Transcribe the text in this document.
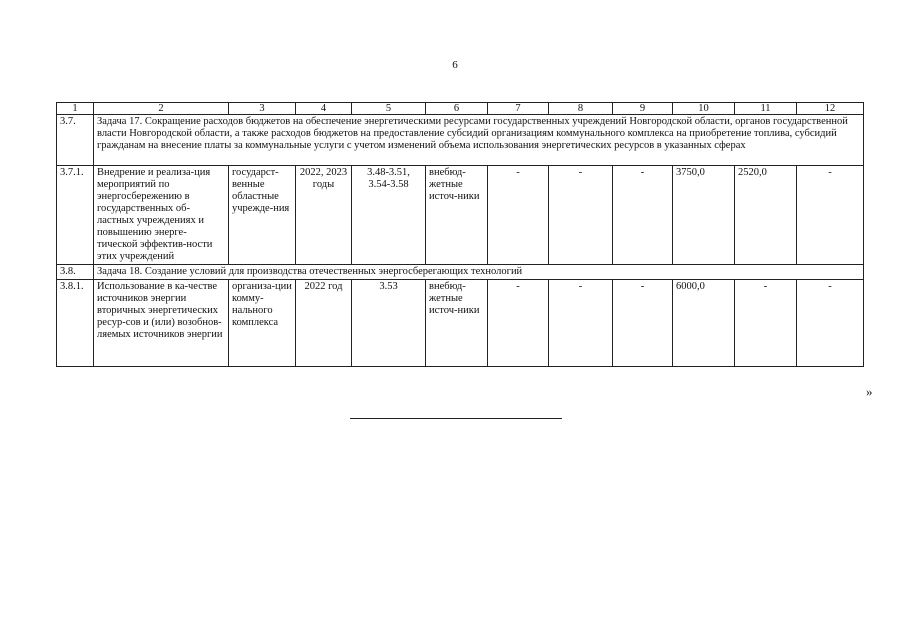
6
1	2	3	4	5	6	7	8	9	10	11	12
3.7.	Задача 17. Сокращение расходов бюджетов на обеспечение энергетическими ресурсами государственных учреждений Новгородской области, органов государственной власти Новгородской области, а также расходов бюджетов на предоставление субсидий организациям коммунального комплекса на приобретение топлива, субсидий гражданам на внесение платы за коммунальные услуги с учетом изменений объема использования энергетических ресурсов в указанных сферах										
3.7.1.	Внедрение и реализа-ция мероприятий по энергосбережению в государственных об-ластных учреждениях и повышению энерге-тической эффектив-ности этих учреждений	государст-венные областные учрежде-ния	2022, 2023 годы	3.48-3.51, 3.54-3.58	внебюд-жетные источ-ники	-	-	-	3750,0	2520,0	-
3.8.	Задача 18. Создание условий для производства отечественных энергосберегающих технологий										
3.8.1.	Использование в ка-честве источников энергии вторичных энергетических ресур-сов и (или) возобнов-ляемых источников энергии	организа-ции комму-нального комплекса	2022 год	3.53	внебюд-жетные источ-ники	-	-	-	6000,0	-	-
»
